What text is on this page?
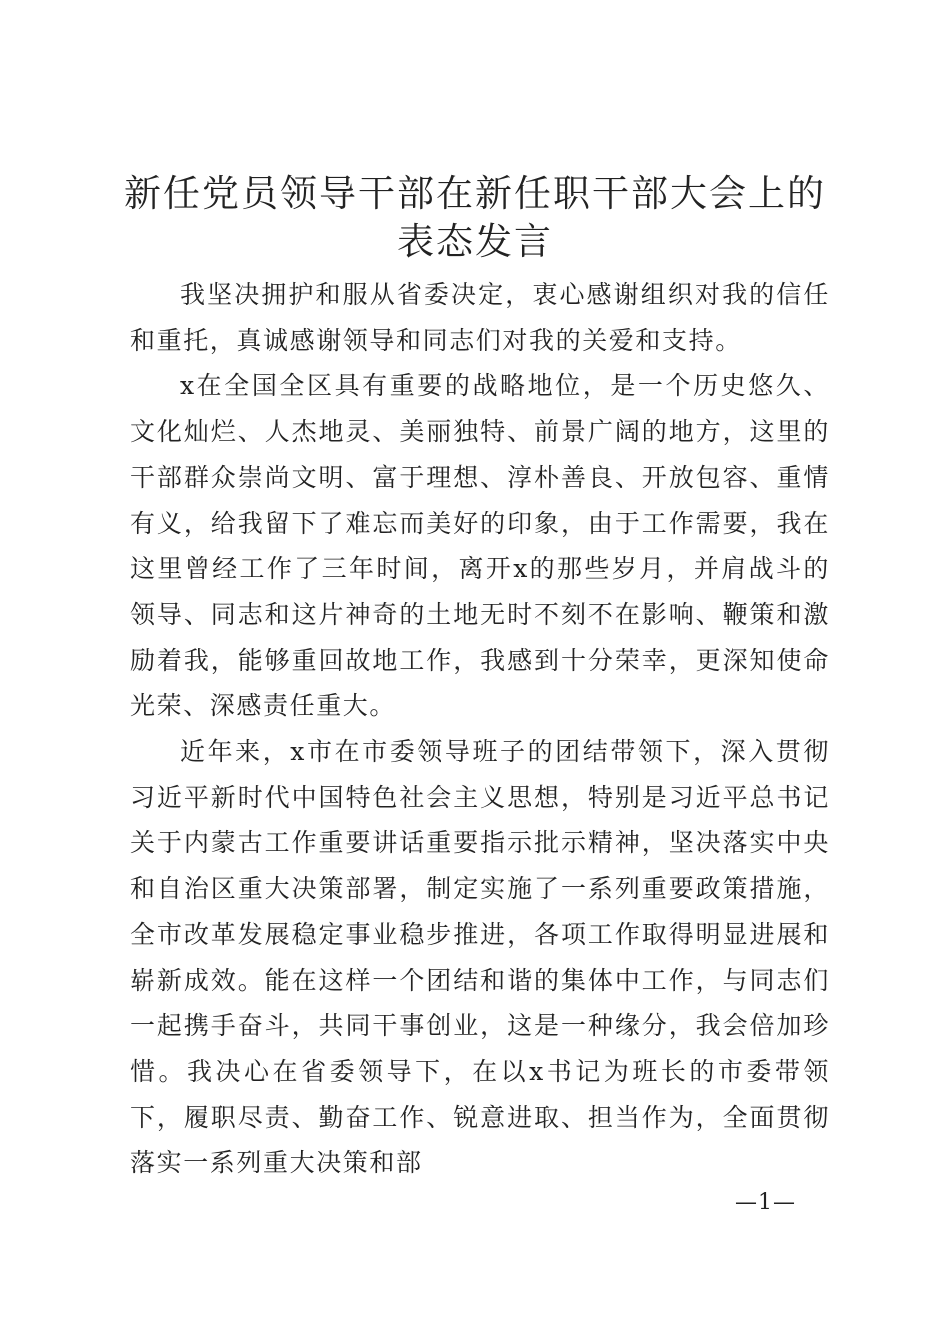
新任党员领导干部在新任职干部大会上的表态发言

我坚决拥护和服从省委决定，衷心感谢组织对我的信任和重托，真诚感谢领导和同志们对我的关爱和支持。

x在全国全区具有重要的战略地位，是一个历史悠久、文化灿烂、人杰地灵、美丽独特、前景广阔的地方，这里的干部群众崇尚文明、富于理想、淳朴善良、开放包容、重情有义，给我留下了难忘而美好的印象，由于工作需要，我在这里曾经工作了三年时间，离开x的那些岁月，并肩战斗的领导、同志和这片神奇的土地无时不刻不在影响、鞭策和激励着我，能够重回故地工作，我感到十分荣幸，更深知使命光荣、深感责任重大。

近年来，x市在市委领导班子的团结带领下，深入贯彻习近平新时代中国特色社会主义思想，特别是习近平总书记关于内蒙古工作重要讲话重要指示批示精神，坚决落实中央和自治区重大决策部署，制定实施了一系列重要政策措施，全市改革发展稳定事业稳步推进，各项工作取得明显进展和崭新成效。能在这样一个团结和谐的集体中工作，与同志们一起携手奋斗，共同干事创业，这是一种缘分，我会倍加珍惜。我决心在省委领导下，在以x书记为班长的市委带领下，履职尽责、勤奋工作、锐意进取、担当作为，全面贯彻落实一系列重大决策和部

—1—
